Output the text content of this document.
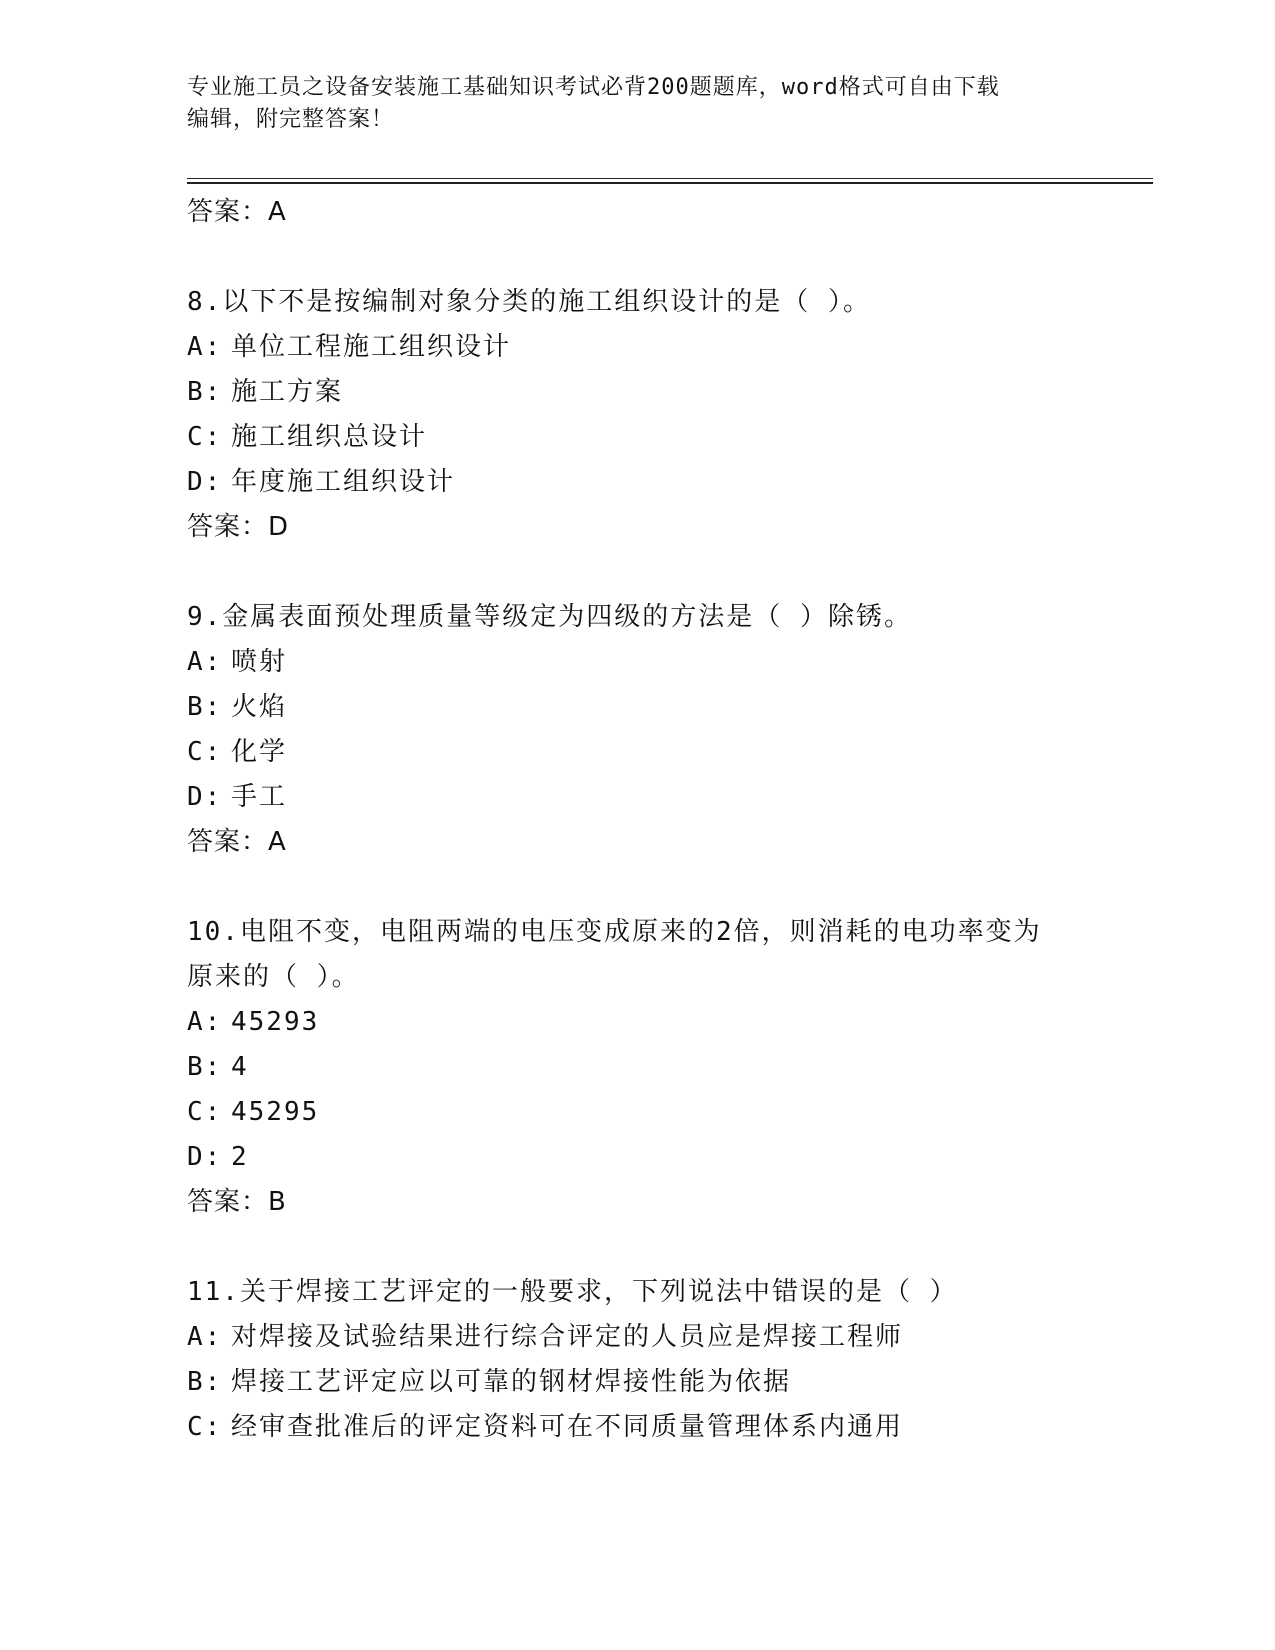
专业施工员之设备安装施工基础知识考试必背200题题库，word格式可自由下载
编辑，附完整答案！
答案：A
8.以下不是按编制对象分类的施工组织设计的是（ ）。
A: 单位工程施工组织设计
B: 施工方案
C: 施工组织总设计
D: 年度施工组织设计
答案：D
9.金属表面预处理质量等级定为四级的方法是（ ）除锈。
A: 喷射
B: 火焰
C: 化学
D: 手工
答案：A
10.电阻不变，电阻两端的电压变成原来的2倍，则消耗的电功率变为
原来的（ ）。
A: 45293
B: 4
C: 45295
D: 2
答案：B
11.关于焊接工艺评定的一般要求，下列说法中错误的是（ ）
A: 对焊接及试验结果进行综合评定的人员应是焊接工程师
B: 焊接工艺评定应以可靠的钢材焊接性能为依据
C: 经审查批准后的评定资料可在不同质量管理体系内通用
